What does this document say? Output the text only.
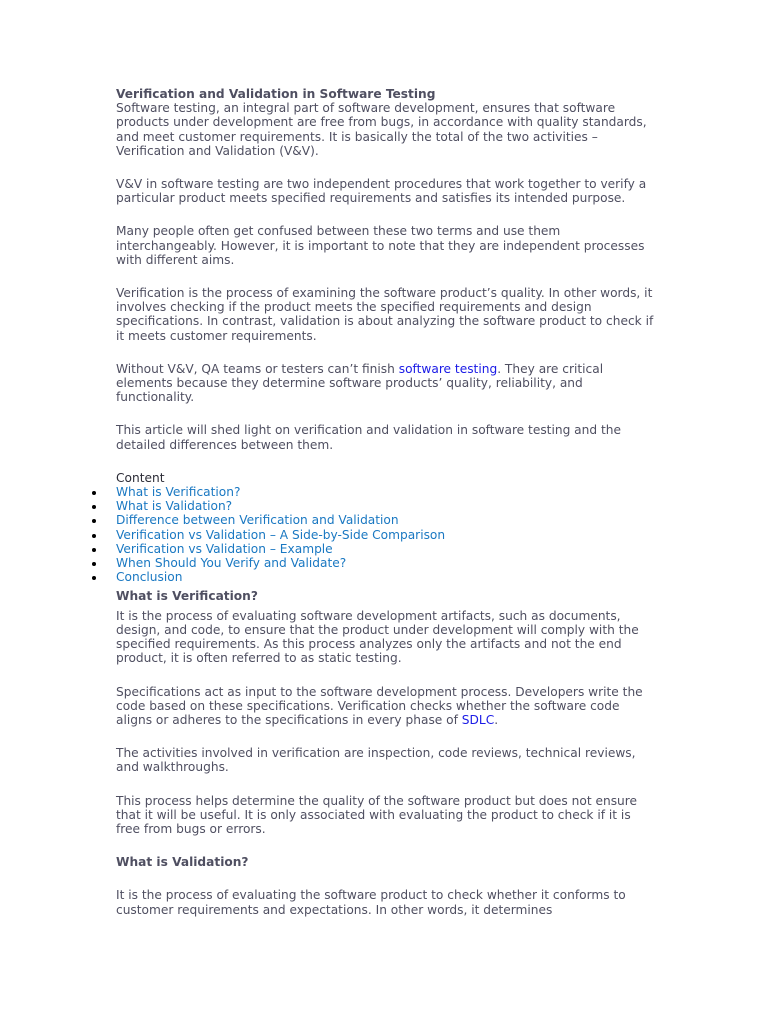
Verification and Validation in Software Testing

Software testing, an integral part of software development, ensures that software products under development are free from bugs, in accordance with quality standards, and meet customer requirements. It is basically the total of the two activities – Verification and Validation (V&V).

V&V in software testing are two independent procedures that work together to verify a particular product meets specified requirements and satisfies its intended purpose.

Many people often get confused between these two terms and use them interchangeably. However, it is important to note that they are independent processes with different aims.

Verification is the process of examining the software product’s quality. In other words, it involves checking if the product meets the specified requirements and design specifications. In contrast, validation is about analyzing the software product to check if it meets customer requirements.

Without V&V, QA teams or testers can’t finish software testing. They are critical elements because they determine software products’ quality, reliability, and functionality.

This article will shed light on verification and validation in software testing and the detailed differences between them.

Content
What is Verification?
What is Validation?
Difference between Verification and Validation
Verification vs Validation – A Side-by-Side Comparison
Verification vs Validation – Example
When Should You Verify and Validate?
Conclusion
What is Verification?

It is the process of evaluating software development artifacts, such as documents, design, and code, to ensure that the product under development will comply with the specified requirements. As this process analyzes only the artifacts and not the end product, it is often referred to as static testing.

Specifications act as input to the software development process. Developers write the code based on these specifications. Verification checks whether the software code aligns or adheres to the specifications in every phase of SDLC.

The activities involved in verification are inspection, code reviews, technical reviews, and walkthroughs.

This process helps determine the quality of the software product but does not ensure that it will be useful. It is only associated with evaluating the product to check if it is free from bugs or errors.

What is Validation?

It is the process of evaluating the software product to check whether it conforms to customer requirements and expectations. In other words, it determines
